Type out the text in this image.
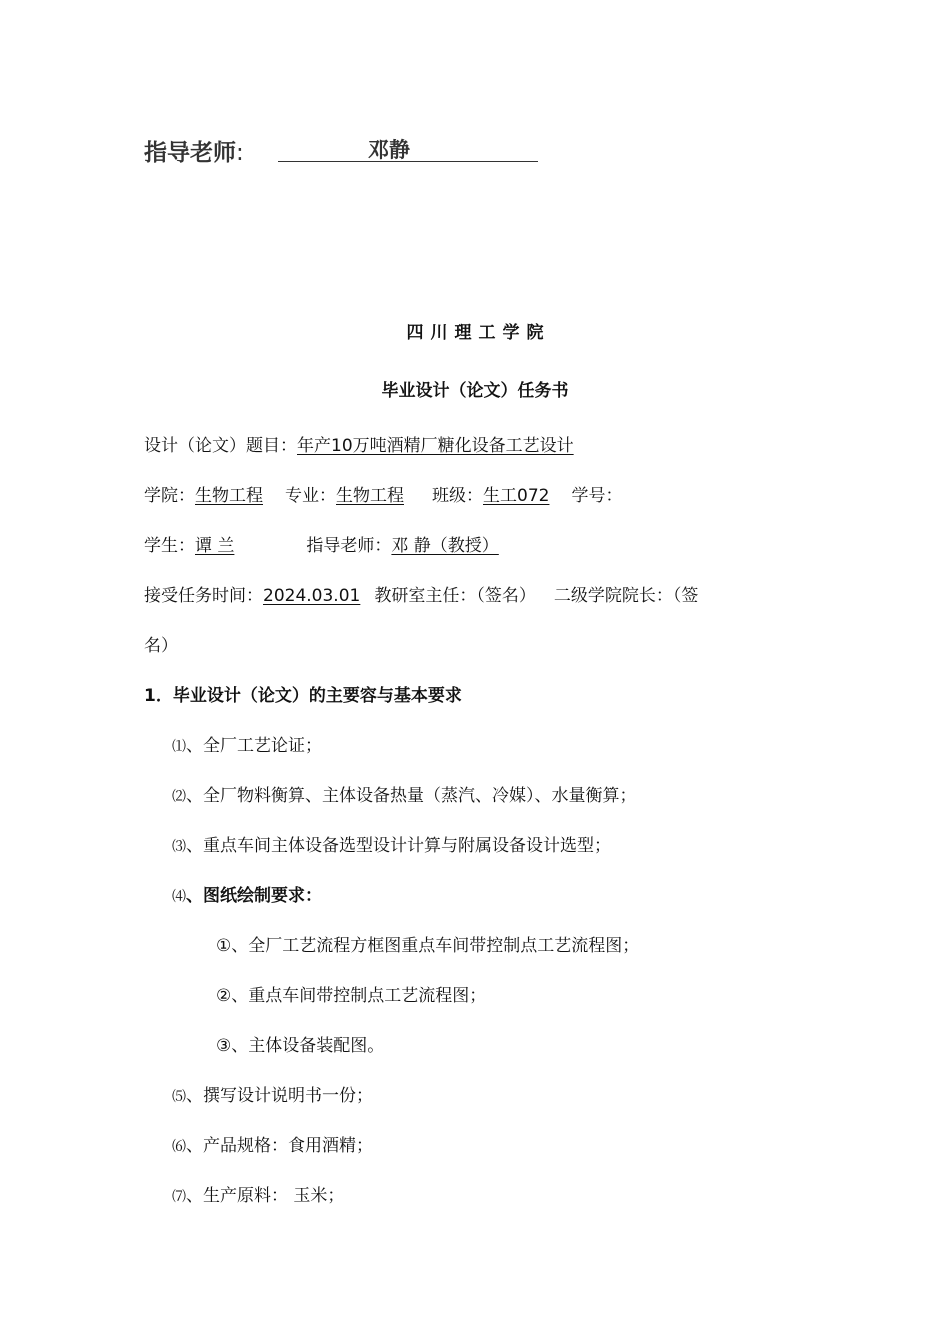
指导老师:	邓静
四川理工学院
毕业设计（论文）任务书
设计（论文）题目：年产10万吨酒精厂糖化设备工艺设计
学院：生物工程 专业：生物工程 班级：生工072 学号：
学生：谭 兰	指导老师：邓 静（教授）
接受任务时间：2024.03.01 教研室主任：（签名） 二级学院院长：（签
名）
1．毕业设计（论文）的主要容与基本要求
⑴、全厂工艺论证；
⑵、全厂物料衡算、主体设备热量（蒸汽、冷媒）、水量衡算；
⑶、重点车间主体设备选型设计计算与附属设备设计选型；
⑷、图纸绘制要求：
①、全厂工艺流程方框图重点车间带控制点工艺流程图；
②、重点车间带控制点工艺流程图；
③、主体设备装配图。
⑸、撰写设计说明书一份；
⑹、产品规格：食用酒精；
⑺、生产原料： 玉米；
